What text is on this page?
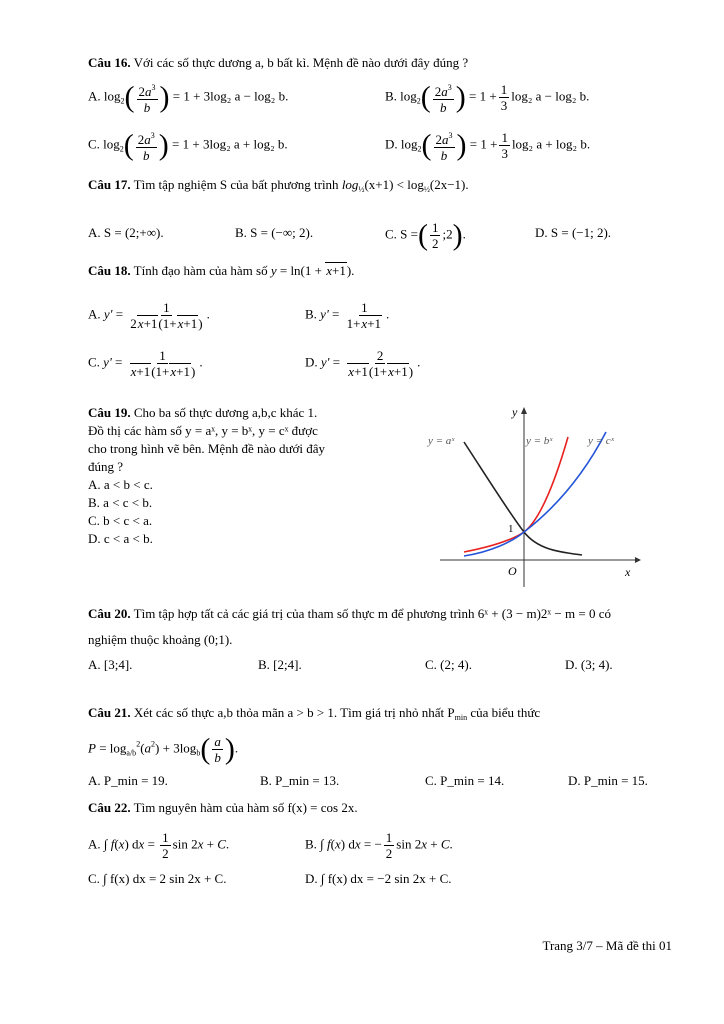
Câu 16. Với các số thực dương a, b bất kì. Mệnh đề nào dưới đây đúng ?
A. $\log_2( \frac{2a^3}{b}$ ) = 1 + 3log₂ a − log₂ b.	B. $\log_2( \frac{2a^3}{b}$ ) = $1 + \frac{1}{3} \log_2$ a − log₂ b.
C. $\log_2( \frac{2a^3}{b}$ ) = 1 + 3log₂ a + log₂ b.	D. $\log_2( \frac{2a^3}{b}$ ) = $1 + \frac{1}{3} \log_2$ a + log₂ b.
Câu 17. Tìm tập nghiệm S của bất phương trình $\log_{\frac{1}{2}}(x+1) < \log_{\frac{1}{2}}(2x-1)$.
A. S = (2;+∞).	B. S = (−∞; 2).	C. S =( $\frac{1}{2}$ ;2).	D. S = (−1; 2).
Câu 18. Tính đạo hàm của hàm số y = ln(1 + x+1).
A. $y' = \frac{1}{2x+1(1+x+1)}$ .	B. $y' = \frac{1}{1+x+1}$ .
C. $y' = \frac{1}{x+1(1+x+1)}$ .	D. $y' = \frac{2}{x+1(1+x+1)}$ .
Câu 19. Cho ba số thực dương a,b,c khác 1.
Đồ thị các hàm số y = aˣ, y = bˣ, y = cˣ được
cho trong hình vẽ bên. Mệnh đề nào dưới đây
đúng ?
A. a < b < c.
B. a < c < b.
C. b < c < a.
D. c < a < b.
y
x
O
1
y = aˣ	y = bˣ	y = cˣ
Câu 20. Tìm tập hợp tất cả các giá trị của tham số thực m để phương trình 6ˣ + (3 − m)2ˣ − m = 0 có
nghiệm thuộc khoảng (0;1).
A. [3;4].	B. [2;4].	C. (2; 4).	D. (3; 4).
Câu 21. Xét các số thực a,b thỏa mãn a > b > 1. Tìm giá trị nhỏ nhất $P_{min}$ của biểu thức
$P = \log_{a/b}^2(a^2) + 3\log_b( \frac{a}{b}$ ).
A. P_min = 19.	B. P_min = 13.	C. P_min = 14.	D. P_min = 15.
Câu 22. Tìm nguyên hàm của hàm số f(x) = cos 2x.
A. ∫ f(x) dx = $\frac{1}{2}$ sin 2x + C.	B. ∫ f(x) dx = − $\frac{1}{2}$ sin 2x + C.
C. ∫ f(x) dx = 2 sin 2x + C.	D. ∫ f(x) dx = −2 sin 2x + C.
Trang 3/7 – Mã đề thi 01
